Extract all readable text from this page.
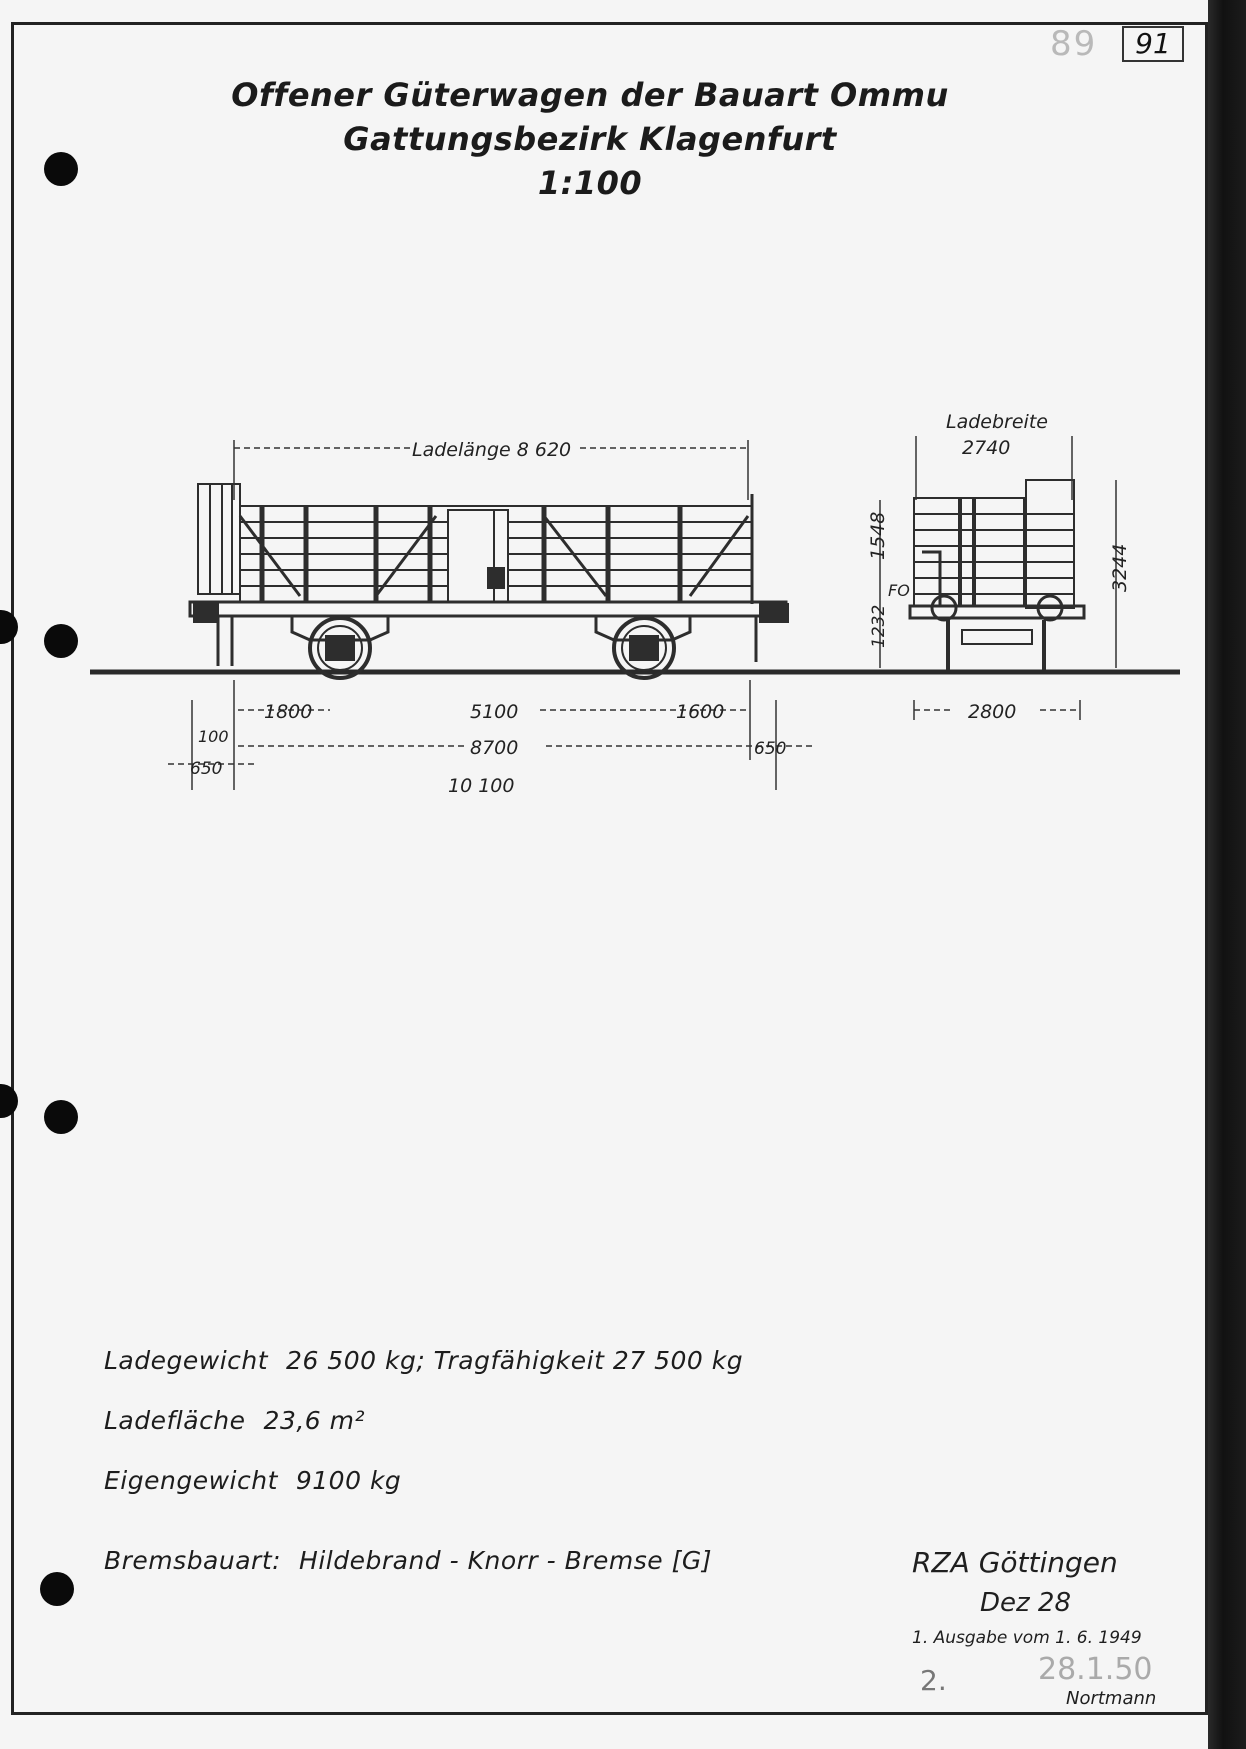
89	91
Offener Güterwagen der Bauart Ommu
Gattungsbezirk Klagenfurt
1:100
Ladelänge 8 620
1800	5100	1600
100
8700
650
650
10 100
Ladebreite
2740
1548
1232
FO	3244
2800
Ladegewicht 26 500 kg; Tragfähigkeit 27 500 kg
Ladefläche 23,6 m²
Eigengewicht 9100 kg
Bremsbauart: Hildebrand - Knorr - Bremse [G]	RZA Göttingen
Dez 28
1. Ausgabe vom 1. 6. 1949
2.	28.1.50
Nortmann
